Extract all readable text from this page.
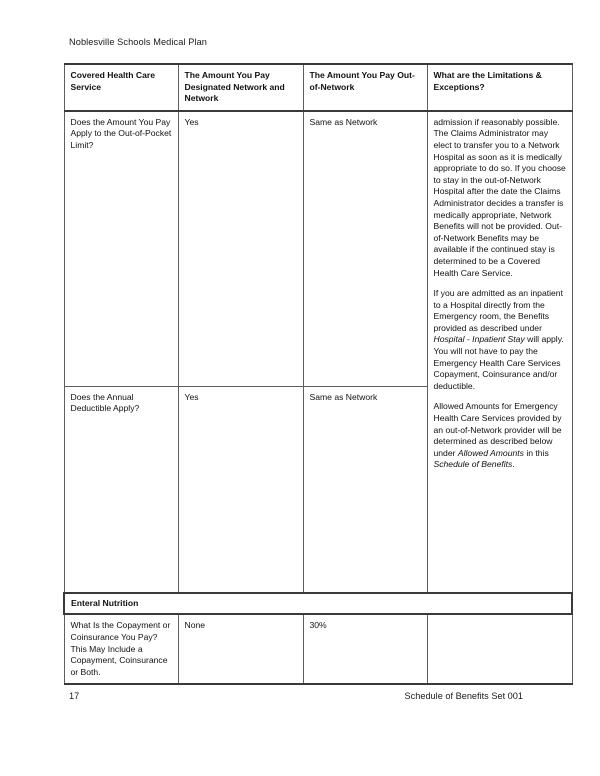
Noblesville Schools Medical Plan
Covered Health Care Service	The Amount You Pay Designated Network and Network	The Amount You Pay Out-of-Network	What are the Limitations & Exceptions?
Does the Amount You Pay Apply to the Out-of-Pocket Limit?	Yes	Same as Network	admission if reasonably possible. The Claims Administrator may elect to transfer you to a Network Hospital as soon as it is medically appropriate to do so. If you choose to stay in the out-of-Network Hospital after the date the Claims Administrator decides a transfer is medically appropriate, Network Benefits will not be provided. Out-of-Network Benefits may be available if the continued stay is determined to be a Covered Health Care Service.
If you are admitted as an inpatient to a Hospital directly from the Emergency room, the Benefits provided as described under Hospital - Inpatient Stay will apply. You will not have to pay the Emergency Health Care Services Copayment, Coinsurance and/or deductible.
Allowed Amounts for Emergency Health Care Services provided by an out-of-Network provider will be determined as described below under Allowed Amounts in this Schedule of Benefits.

Does the Annual Deductible Apply?	Yes	Same as Network	
Enteral Nutrition			
What Is the Copayment or Coinsurance You Pay? This May Include a Copayment, Coinsurance or Both.	None	30%	
17	Schedule of Benefits Set 001
